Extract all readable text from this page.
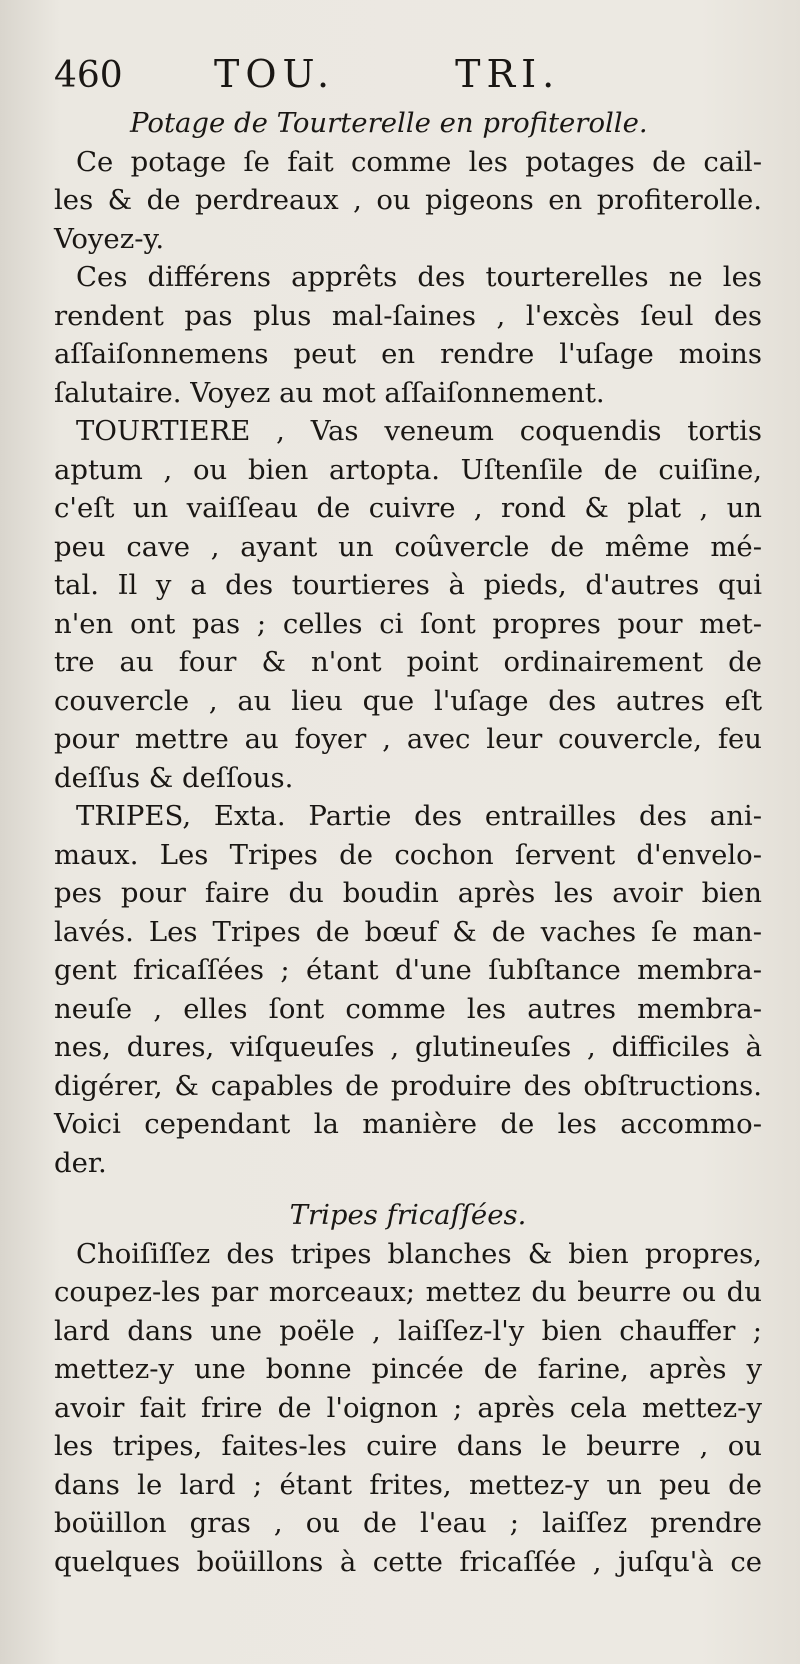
460	TOU.	TRI.
Potage de Tourterelle en profiterolle.
Ce potage ſe fait comme les potages de cail-
les & de perdreaux , ou pigeons en profiterolle.
Voyez-y.
Ces différens apprêts des tourterelles ne les
rendent pas plus mal-ſaines , l'excès ſeul des
aſſaiſonnemens peut en rendre l'uſage moins
ſalutaire. Voyez au mot aſſaiſonnement.
TOURTIERE , Vas veneum coquendis tortis
aptum , ou bien artopta. Uſtenſile de cuiſine,
c'eſt un vaiſſeau de cuivre , rond & plat , un
peu cave , ayant un coûvercle de même mé-
tal. Il y a des tourtieres à pieds, d'autres qui
n'en ont pas ; celles ci ſont propres pour met-
tre au four & n'ont point ordinairement de
couvercle , au lieu que l'uſage des autres eſt
pour mettre au foyer , avec leur couvercle, feu
deſſus & deſſous.
TRIPES, Exta. Partie des entrailles des ani-
maux. Les Tripes de cochon ſervent d'envelo-
pes pour faire du boudin après les avoir bien
lavés. Les Tripes de bœuf & de vaches ſe man-
gent fricaſſées ; étant d'une ſubſtance membra-
neuſe , elles ſont comme les autres membra-
nes, dures, viſqueuſes , glutineuſes , difficiles à
digérer, & capables de produire des obſtructions.
Voici cependant la manière de les accommo-
der.
Tripes fricaſſées.
Choiſiſſez des tripes blanches & bien propres,
coupez-les par morceaux; mettez du beurre ou du
lard dans une poële , laiſſez-l'y bien chauffer ;
mettez-y une bonne pincée de farine, après y
avoir fait frire de l'oignon ; après cela mettez-y
les tripes, faites-les cuire dans le beurre , ou
dans le lard ; étant frites, mettez-y un peu de
boüillon gras , ou de l'eau ; laiſſez prendre
quelques boüillons à cette fricaſſée , juſqu'à ce
